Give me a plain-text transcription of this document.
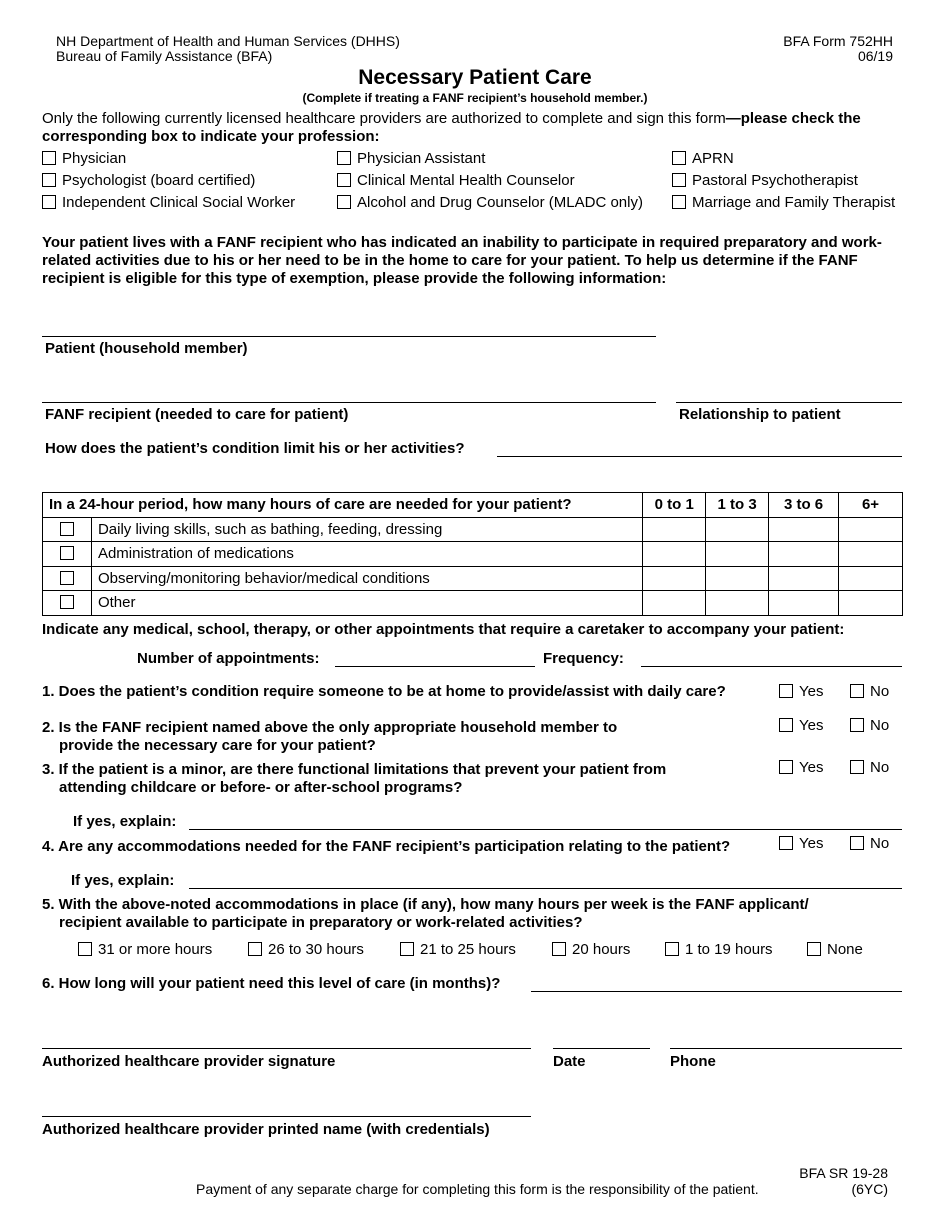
NH Department of Health and Human Services (DHHS)
Bureau of Family Assistance (BFA)
BFA Form 752HH
06/19
Necessary Patient Care
(Complete if treating a FANF recipient’s household member.)
Only the following currently licensed healthcare providers are authorized to complete and sign this form—please check the corresponding box to indicate your profession:
Physician	Physician Assistant	APRN
Psychologist (board certified)	Clinical Mental Health Counselor	Pastoral Psychotherapist
Independent Clinical Social Worker	Alcohol and Drug Counselor (MLADC only)	Marriage and Family Therapist
Your patient lives with a FANF recipient who has indicated an inability to participate in required preparatory and work-related activities due to his or her need to be in the home to care for your patient. To help us determine if the FANF recipient is eligible for this type of exemption, please provide the following information:
Patient (household member)
FANF recipient (needed to care for patient)	Relationship to patient
How does the patient’s condition limit his or her activities?
In a 24-hour period, how many hours of care are needed for your patient?		0 to 1	1 to 3	3 to 6	6+
	Daily living skills, such as bathing, feeding, dressing				
	Administration of medications				
	Observing/monitoring behavior/medical conditions				
	Other				
Indicate any medical, school, therapy, or other appointments that require a caretaker to accompany your patient:
Number of appointments:	Frequency:
1. Does the patient’s condition require someone to be at home to provide/assist with daily care?	Yes	No
2. Is the FANF recipient named above the only appropriate household member to
provide the necessary care for your patient?
Yes	No
3. If the patient is a minor, are there functional limitations that prevent your patient from
attending childcare or before- or after-school programs?
Yes	No
If yes, explain:
4. Are any accommodations needed for the FANF recipient’s participation relating to the patient?	Yes	No
If yes, explain:
5. With the above-noted accommodations in place (if any), how many hours per week is the FANF applicant/
recipient available to participate in preparatory or work-related activities?
31 or more hours	26 to 30 hours	21 to 25 hours	20 hours	1 to 19 hours	None
6. How long will your patient need this level of care (in months)?
Authorized healthcare provider signature	Date	Phone
Authorized healthcare provider printed name (with credentials)
Payment of any separate charge for completing this form is the responsibility of the patient.
BFA SR 19-28
(6YC)
